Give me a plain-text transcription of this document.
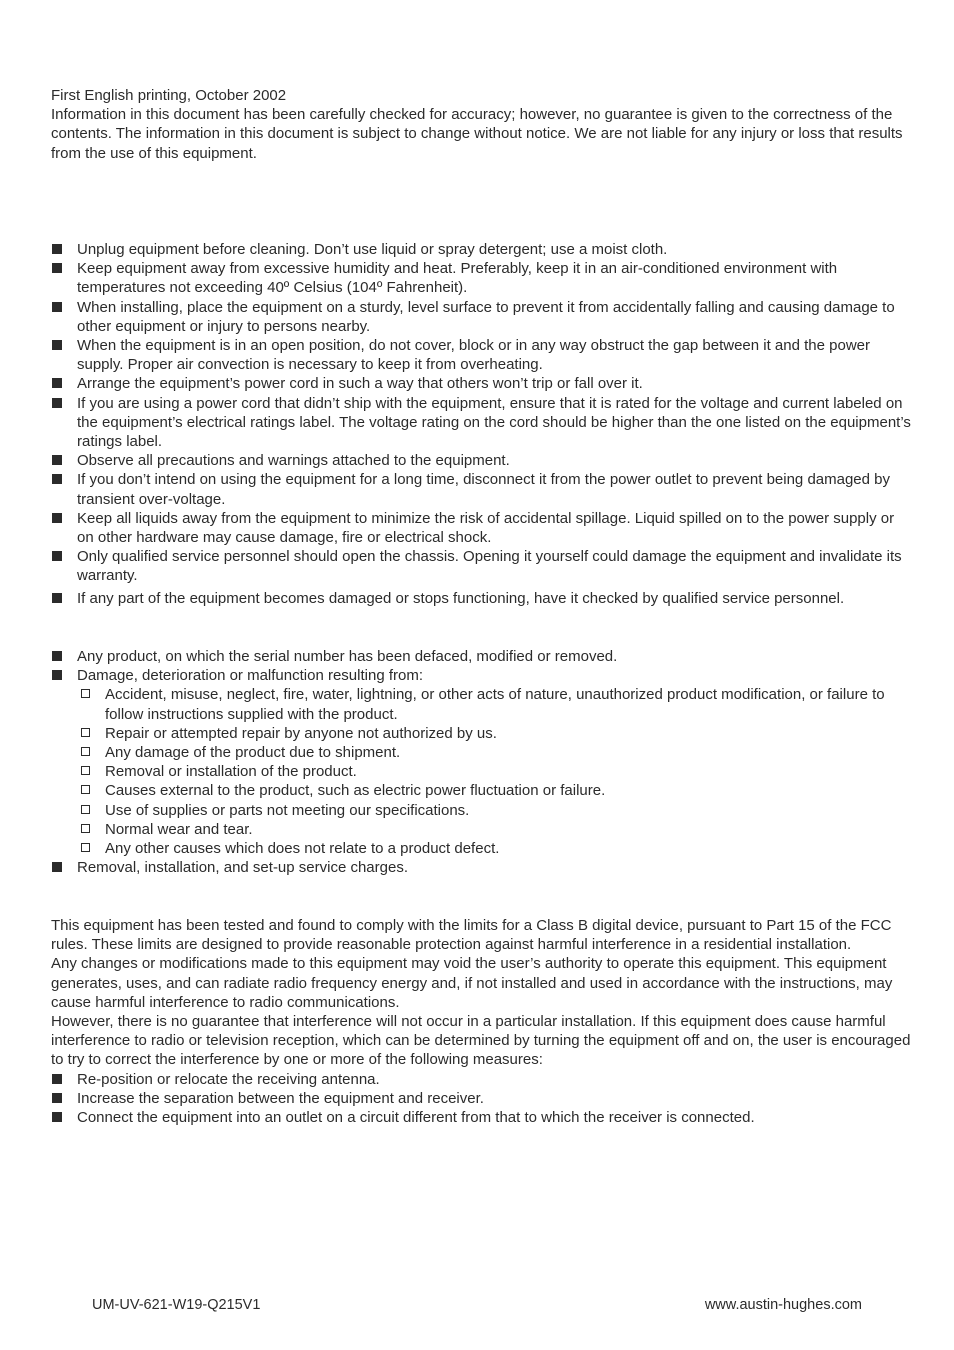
First English printing, October 2002

Information in this document has been carefully checked for accuracy; however, no guarantee is given to the correctness of the contents. The information in this document is subject to change without notice. We are not liable for any injury or loss that results from the use of this equipment.

Unplug equipment before cleaning. Don’t use liquid or spray detergent; use a moist cloth.
Keep equipment away from excessive humidity and heat. Preferably, keep it in an air-conditioned environment with temperatures not exceeding 40º Celsius (104º Fahrenheit).
When installing, place the equipment on a sturdy, level surface to prevent it from accidentally falling and causing damage to other equipment or injury to persons nearby.
When the equipment is in an open position, do not cover, block or in any way obstruct the gap between it and the power supply. Proper air convection is necessary to keep it from overheating.
Arrange the equipment’s power cord in such a way that others won’t trip or fall over it.
If you are using a power cord that didn’t ship with the equipment, ensure that it is rated for the voltage and current labeled on the equipment’s electrical ratings label. The voltage rating on the cord should be higher than the one listed on the equipment’s ratings label.
Observe all precautions and warnings attached to the equipment.
If you don’t intend on using the equipment for a long time, disconnect it from the power outlet to prevent being damaged by transient over-voltage.
Keep all liquids away from the equipment to minimize the risk of accidental spillage. Liquid spilled on to the power supply or on other hardware may cause damage, fire or electrical shock.
Only qualified service personnel should open the chassis. Opening it yourself could damage the equipment and invalidate its warranty.
If any part of the equipment becomes damaged or stops functioning, have it checked by qualified service personnel.
Any product, on which the serial number has been defaced, modified or removed.
Damage, deterioration or malfunction resulting from:
Accident, misuse, neglect, fire, water, lightning, or other acts of nature, unauthorized product modification, or failure to follow instructions supplied with the product.
Repair or attempted repair by anyone not authorized by us.
Any damage of the product due to shipment.
Removal or installation of the product.
Causes external to the product, such as electric power fluctuation or failure.
Use of supplies or parts not meeting our specifications.
Normal wear and tear.
Any other causes which does not relate to a product defect.
Removal, installation, and set-up service charges.

This equipment has been tested and found to comply with the limits for a Class B digital device, pursuant to Part 15 of the FCC rules. These limits are designed to provide reasonable protection against harmful interference in a residential installation.

Any changes or modifications made to this equipment may void the user’s authority to operate this equipment. This equipment generates, uses, and can radiate radio frequency energy and, if not installed and used in accordance with the instructions, may cause harmful interference to radio communications.

However, there is no guarantee that interference will not occur in a particular installation. If this equipment does cause harmful interference to radio or television reception, which can be determined by turning the equipment off and on, the user is encouraged to try to correct the interference by one or more of the following measures:

Re-position or relocate the receiving antenna.
Increase the separation between the equipment and receiver.
Connect the equipment into an outlet on a circuit different from that to which the receiver is connected.
UM-UV-621-W19-Q215V1	www.austin-hughes.com
